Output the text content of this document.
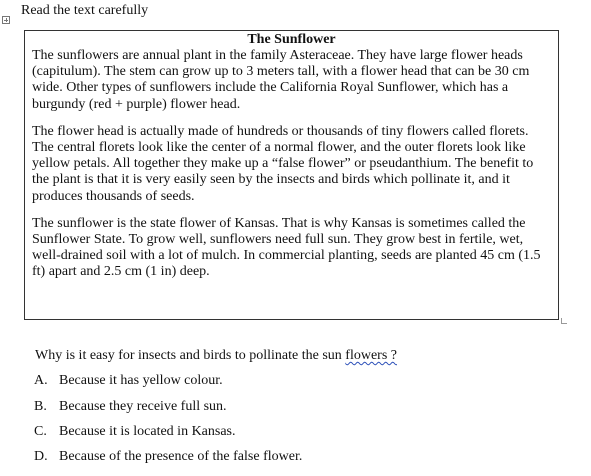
Read the text carefully
The Sunflower

The sunflowers are annual plant in the family Asteraceae. They have large flower heads (capitulum). The stem can grow up to 3 meters tall, with a flower head that can be 30 cm wide. Other types of sunflowers include the California Royal Sunflower, which has a burgundy (red + purple) flower head.

The flower head is actually made of hundreds or thousands of tiny flowers called florets. The central florets look like the center of a normal flower, and the outer florets look like yellow petals. All together they make up a “false flower” or pseudanthium. The benefit to the plant is that it is very easily seen by the insects and birds which pollinate it, and it produces thousands of seeds.

The sunflower is the state flower of Kansas. That is why Kansas is sometimes called the Sunflower State. To grow well, sunflowers need full sun. They grow best in fertile, wet, well-drained soil with a lot of mulch. In commercial planting, seeds are planted 45 cm (1.5 ft) apart and 2.5 cm (1 in) deep.

Why is it easy for insects and birds to pollinate the sun flowers ?
A. Because it has yellow colour.
B. Because they receive full sun.
C. Because it is located in Kansas.
D. Because of the presence of the false flower.
